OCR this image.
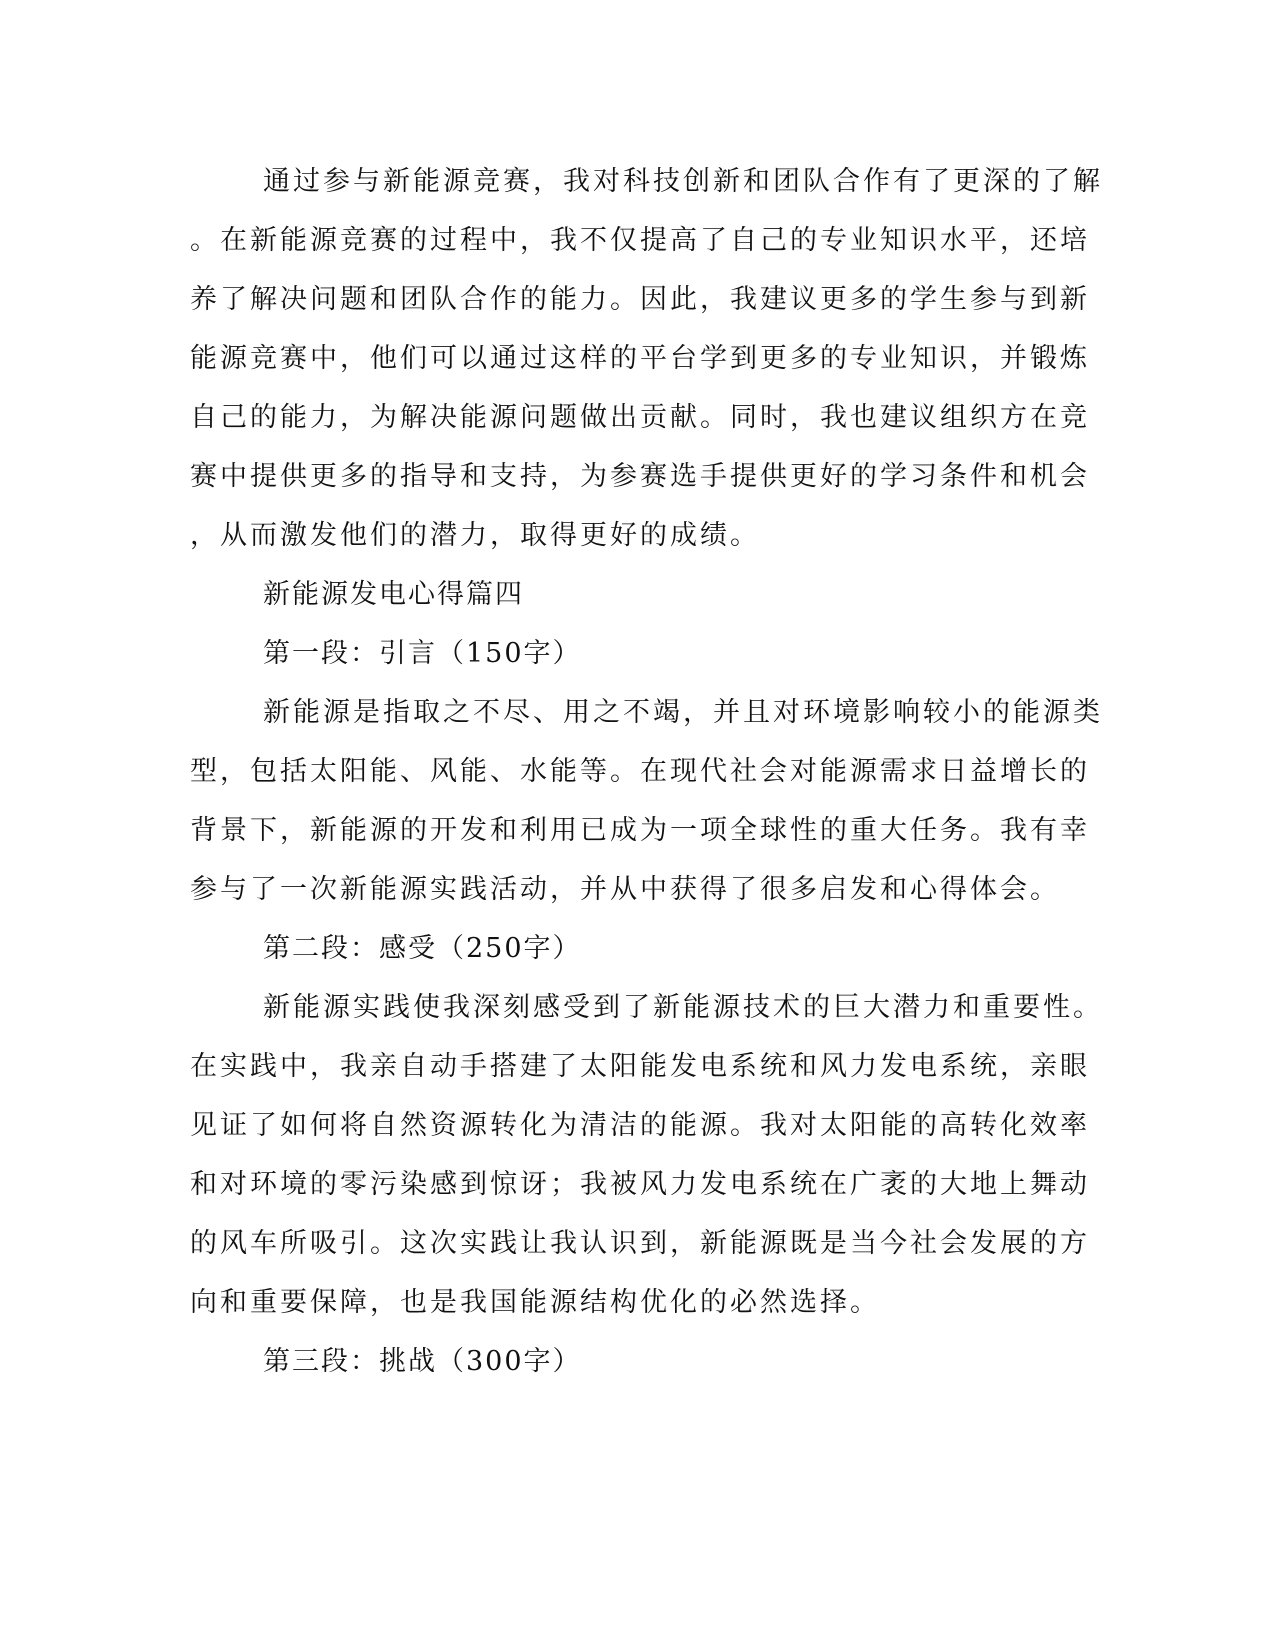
通过参与新能源竞赛，我对科技创新和团队合作有了更深的了解

。在新能源竞赛的过程中，我不仅提高了自己的专业知识水平，还培

养了解决问题和团队合作的能力。因此，我建议更多的学生参与到新

能源竞赛中，他们可以通过这样的平台学到更多的专业知识，并锻炼

自己的能力，为解决能源问题做出贡献。同时，我也建议组织方在竞

赛中提供更多的指导和支持，为参赛选手提供更好的学习条件和机会

，从而激发他们的潜力，取得更好的成绩。

新能源发电心得篇四

第一段：引言（150字）

新能源是指取之不尽、用之不竭，并且对环境影响较小的能源类

型，包括太阳能、风能、水能等。在现代社会对能源需求日益增长的

背景下，新能源的开发和利用已成为一项全球性的重大任务。我有幸

参与了一次新能源实践活动，并从中获得了很多启发和心得体会。

第二段：感受（250字）

新能源实践使我深刻感受到了新能源技术的巨大潜力和重要性。

在实践中，我亲自动手搭建了太阳能发电系统和风力发电系统，亲眼

见证了如何将自然资源转化为清洁的能源。我对太阳能的高转化效率

和对环境的零污染感到惊讶；我被风力发电系统在广袤的大地上舞动

的风车所吸引。这次实践让我认识到，新能源既是当今社会发展的方

向和重要保障，也是我国能源结构优化的必然选择。

第三段：挑战（300字）
